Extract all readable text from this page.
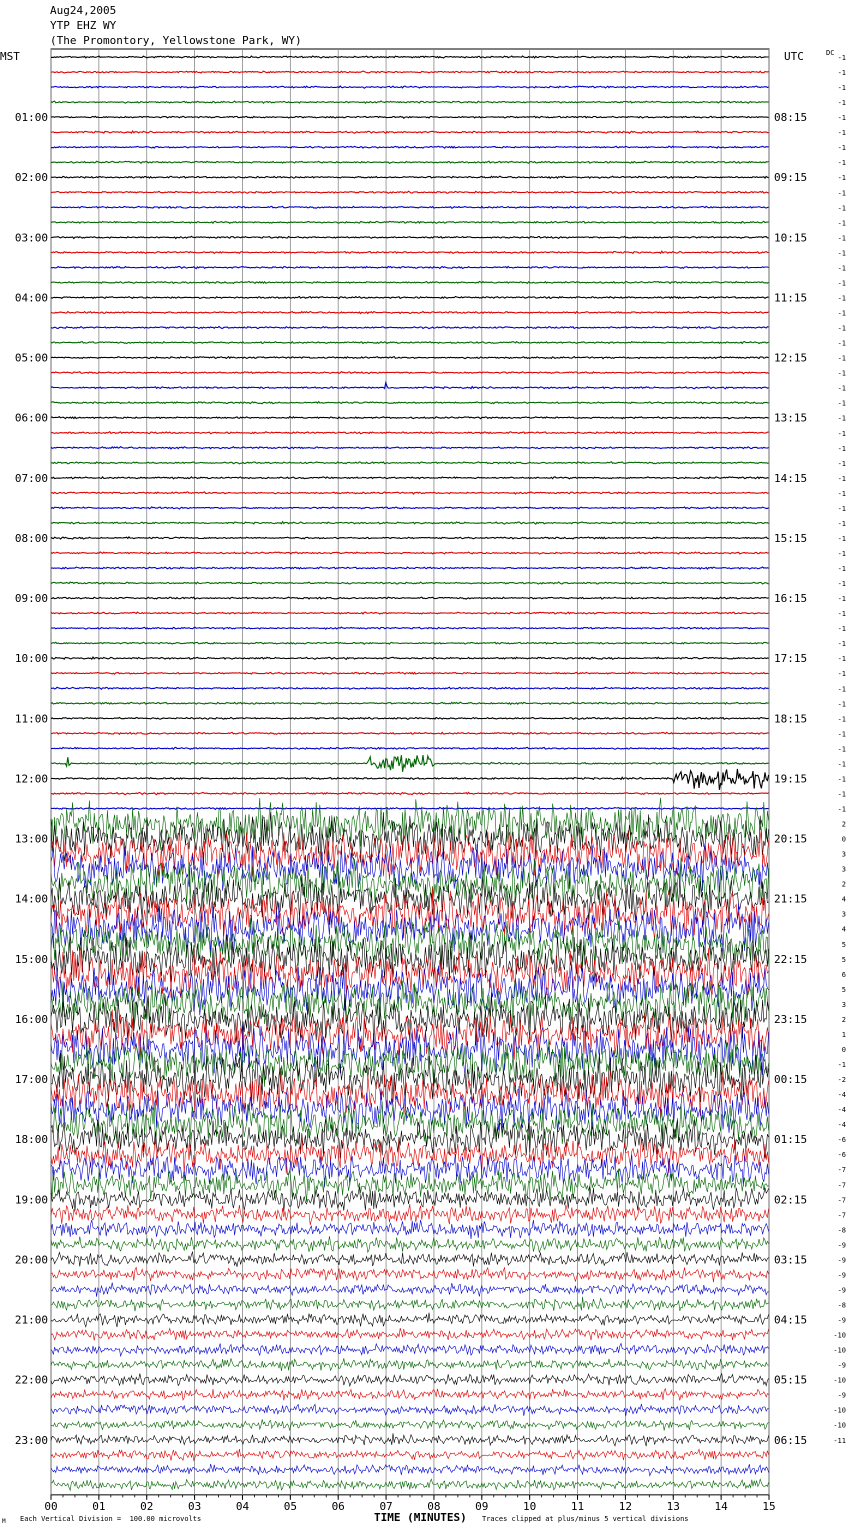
Aug24,2005
YTP EHZ WY
(The Promontory, Yellowstone Park, WY)
MST	UTC	DC
-1
-1
-1
-1
-1
-1
-1
-1
-1
-1
-1
-1
-1
-1
-1
-1
-1
-1
-1
-1
-1
-1
-1
-1
-1
-1
-1
-1
-1
-1
-1
-1
-1
-1
-1
-1
-1
-1
-1
-1
-1
-1
-1
-1
-1
-1
-1
-1
-1
-1
-1
2
0
3
3
2
4
3
4
5
5
6
5
3
2
1
0
-1
-2
-4
-4
-4
-6
-6
-7
-7
-7
-7
-8
-9
-9
-9
-9
-8
-9
-10
-10
-9
-10
-9
-10
-10
-11
01:00
02:00
03:00
04:00
05:00
06:00
07:00
08:00
09:00
10:00
11:00
12:00
13:00
14:00
15:00
16:00
17:00
18:00
19:00
20:00
21:00
22:00
23:00
08:15
09:15
10:15
11:15
12:15
13:15
14:15
15:15
16:15
17:15
18:15
19:15
20:15
21:15
22:15
23:15
00:15
01:15
02:15
03:15
04:15
05:15
06:15
00	01	02	03	04	05	06	07	08	09	10	11	12	13	14	15
M Each Vertical Division =  100.00 microvolts	TIME (MINUTES) Traces clipped at plus/minus 5 vertical divisions
